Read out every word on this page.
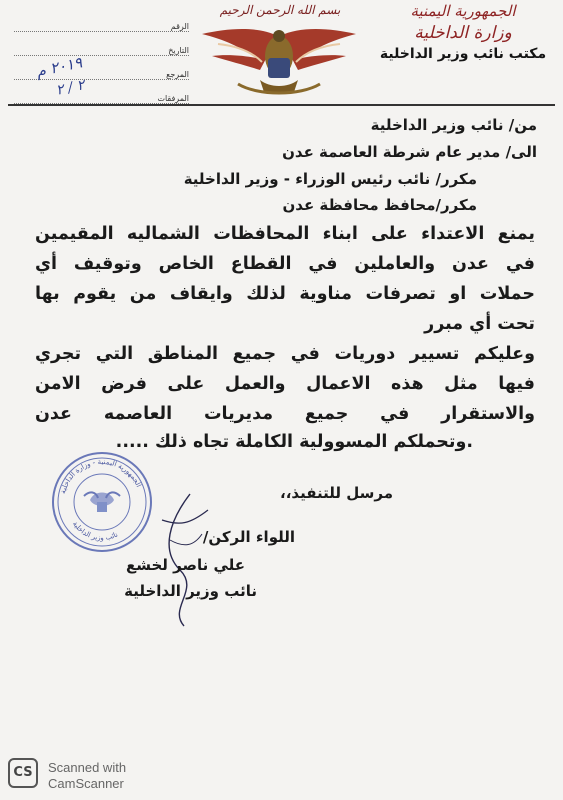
الجمهورية اليمنية
وزارة الداخلية
مكتب نائب وزير الداخلية
بسم الله الرحمن الرحيم
الرقم
التاريخ
المرجع
المرفقات
٢٠١٩ م
٢ / ٢
من/ نائب وزير الداخلية
الى/ مدير عام شرطة العاصمة عدن
مكرر/ نائب رئيس الوزراء - وزير الداخلية
مكرر/محافظ محافظة عدن
يمنع الاعتداء على ابناء المحافظات الشماليه المقيمين
في عدن والعاملين في القطاع الخاص وتوقيف أي
حملات او تصرفات مناوية لذلك وايقاف من يقوم بها
تحت أي مبرر
وعليكم تسيير دوريات في جميع المناطق التي تجري
فيها مثل هذه الاعمال والعمل على فرض الامن
والاستقرار في جميع مديريات العاصمه عدن
.وتحملكم المسوولية الكاملة تجاه ذلك .....
مرسل للتنفيذ،،
الجمهورية اليمنية - وزارة الداخلية
نائب وزير الداخلية	اللواء الركن/
علي ناصر لخشع
نائب وزير الداخلية
CS	Scanned with
CamScanner
